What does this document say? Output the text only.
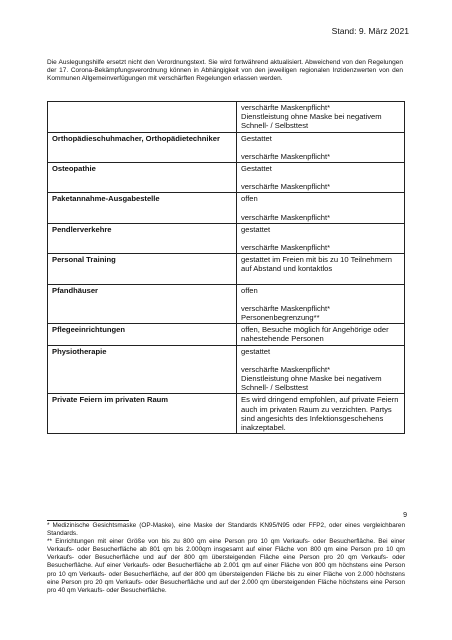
Stand: 9. März 2021
Die Auslegungshilfe ersetzt nicht den Verordnungstext. Sie wird fortwährend aktualisiert. Abweichend von den Regelungen der 17. Corona-Bekämpfungsverordnung können in Abhängigkeit von den jeweiligen regionalen Inzidenzwerten von den Kommunen Allgemeinverfügungen mit verschärften Regelungen erlassen werden.

	verschärfte Maskenpflicht*
Dienstleistung ohne Maske bei negativem Schnell- / Selbsttest

Orthopädieschuhmacher, Orthopädietechniker	Gestattet
verschärfte Maskenpflicht*

Osteopathie	Gestattet
verschärfte Maskenpflicht*

Paketannahme-Ausgabestelle	offen
verschärfte Maskenpflicht*

Pendlerverkehre	gestattet
verschärfte Maskenpflicht*

Personal Training	gestattet im Freien mit bis zu 10 Teilnehmern auf Abstand und kontaktlos

Pfandhäuser	offen
verschärfte Maskenpflicht*
Personenbegrenzung**

Pflegeeinrichtungen	offen, Besuche möglich für Angehörige oder nahestehende Personen

Physiotherapie	gestattet
verschärfte Maskenpflicht*
Dienstleistung ohne Maske bei negativem Schnell- / Selbsttest

Private Feiern im privaten Raum	Es wird dringend empfohlen, auf private Feiern auch im privaten Raum zu verzichten. Partys sind angesichts des Infektionsgeschehens inakzeptabel.
9

* Medizinische Gesichtsmaske (OP-Maske), eine Maske der Standards KN95/N95 oder FFP2, oder eines vergleichbaren Standards.

** Einrichtungen mit einer Größe von bis zu 800 qm eine Person pro 10 qm Verkaufs- oder Besucherfläche. Bei einer Verkaufs- oder Besucherfläche ab 801 qm bis 2.000qm insgesamt auf einer Fläche von 800 qm eine Person pro 10 qm Verkaufs- oder Besucherfläche und auf der 800 qm übersteigenden Fläche eine Person pro 20 qm Verkaufs- oder Besucherfläche. Auf einer Verkaufs- oder Besucherfläche ab 2.001 qm auf einer Fläche von 800 qm höchstens eine Person pro 10 qm Verkaufs- oder Besucherfläche, auf der 800 qm übersteigenden Fläche bis zu einer Fläche von 2.000 höchstens eine Person pro 20 qm Verkaufs- oder Besucherfläche und auf der 2.000 qm übersteigenden Fläche höchstens eine Person pro 40 qm Verkaufs- oder Besucherfläche.
